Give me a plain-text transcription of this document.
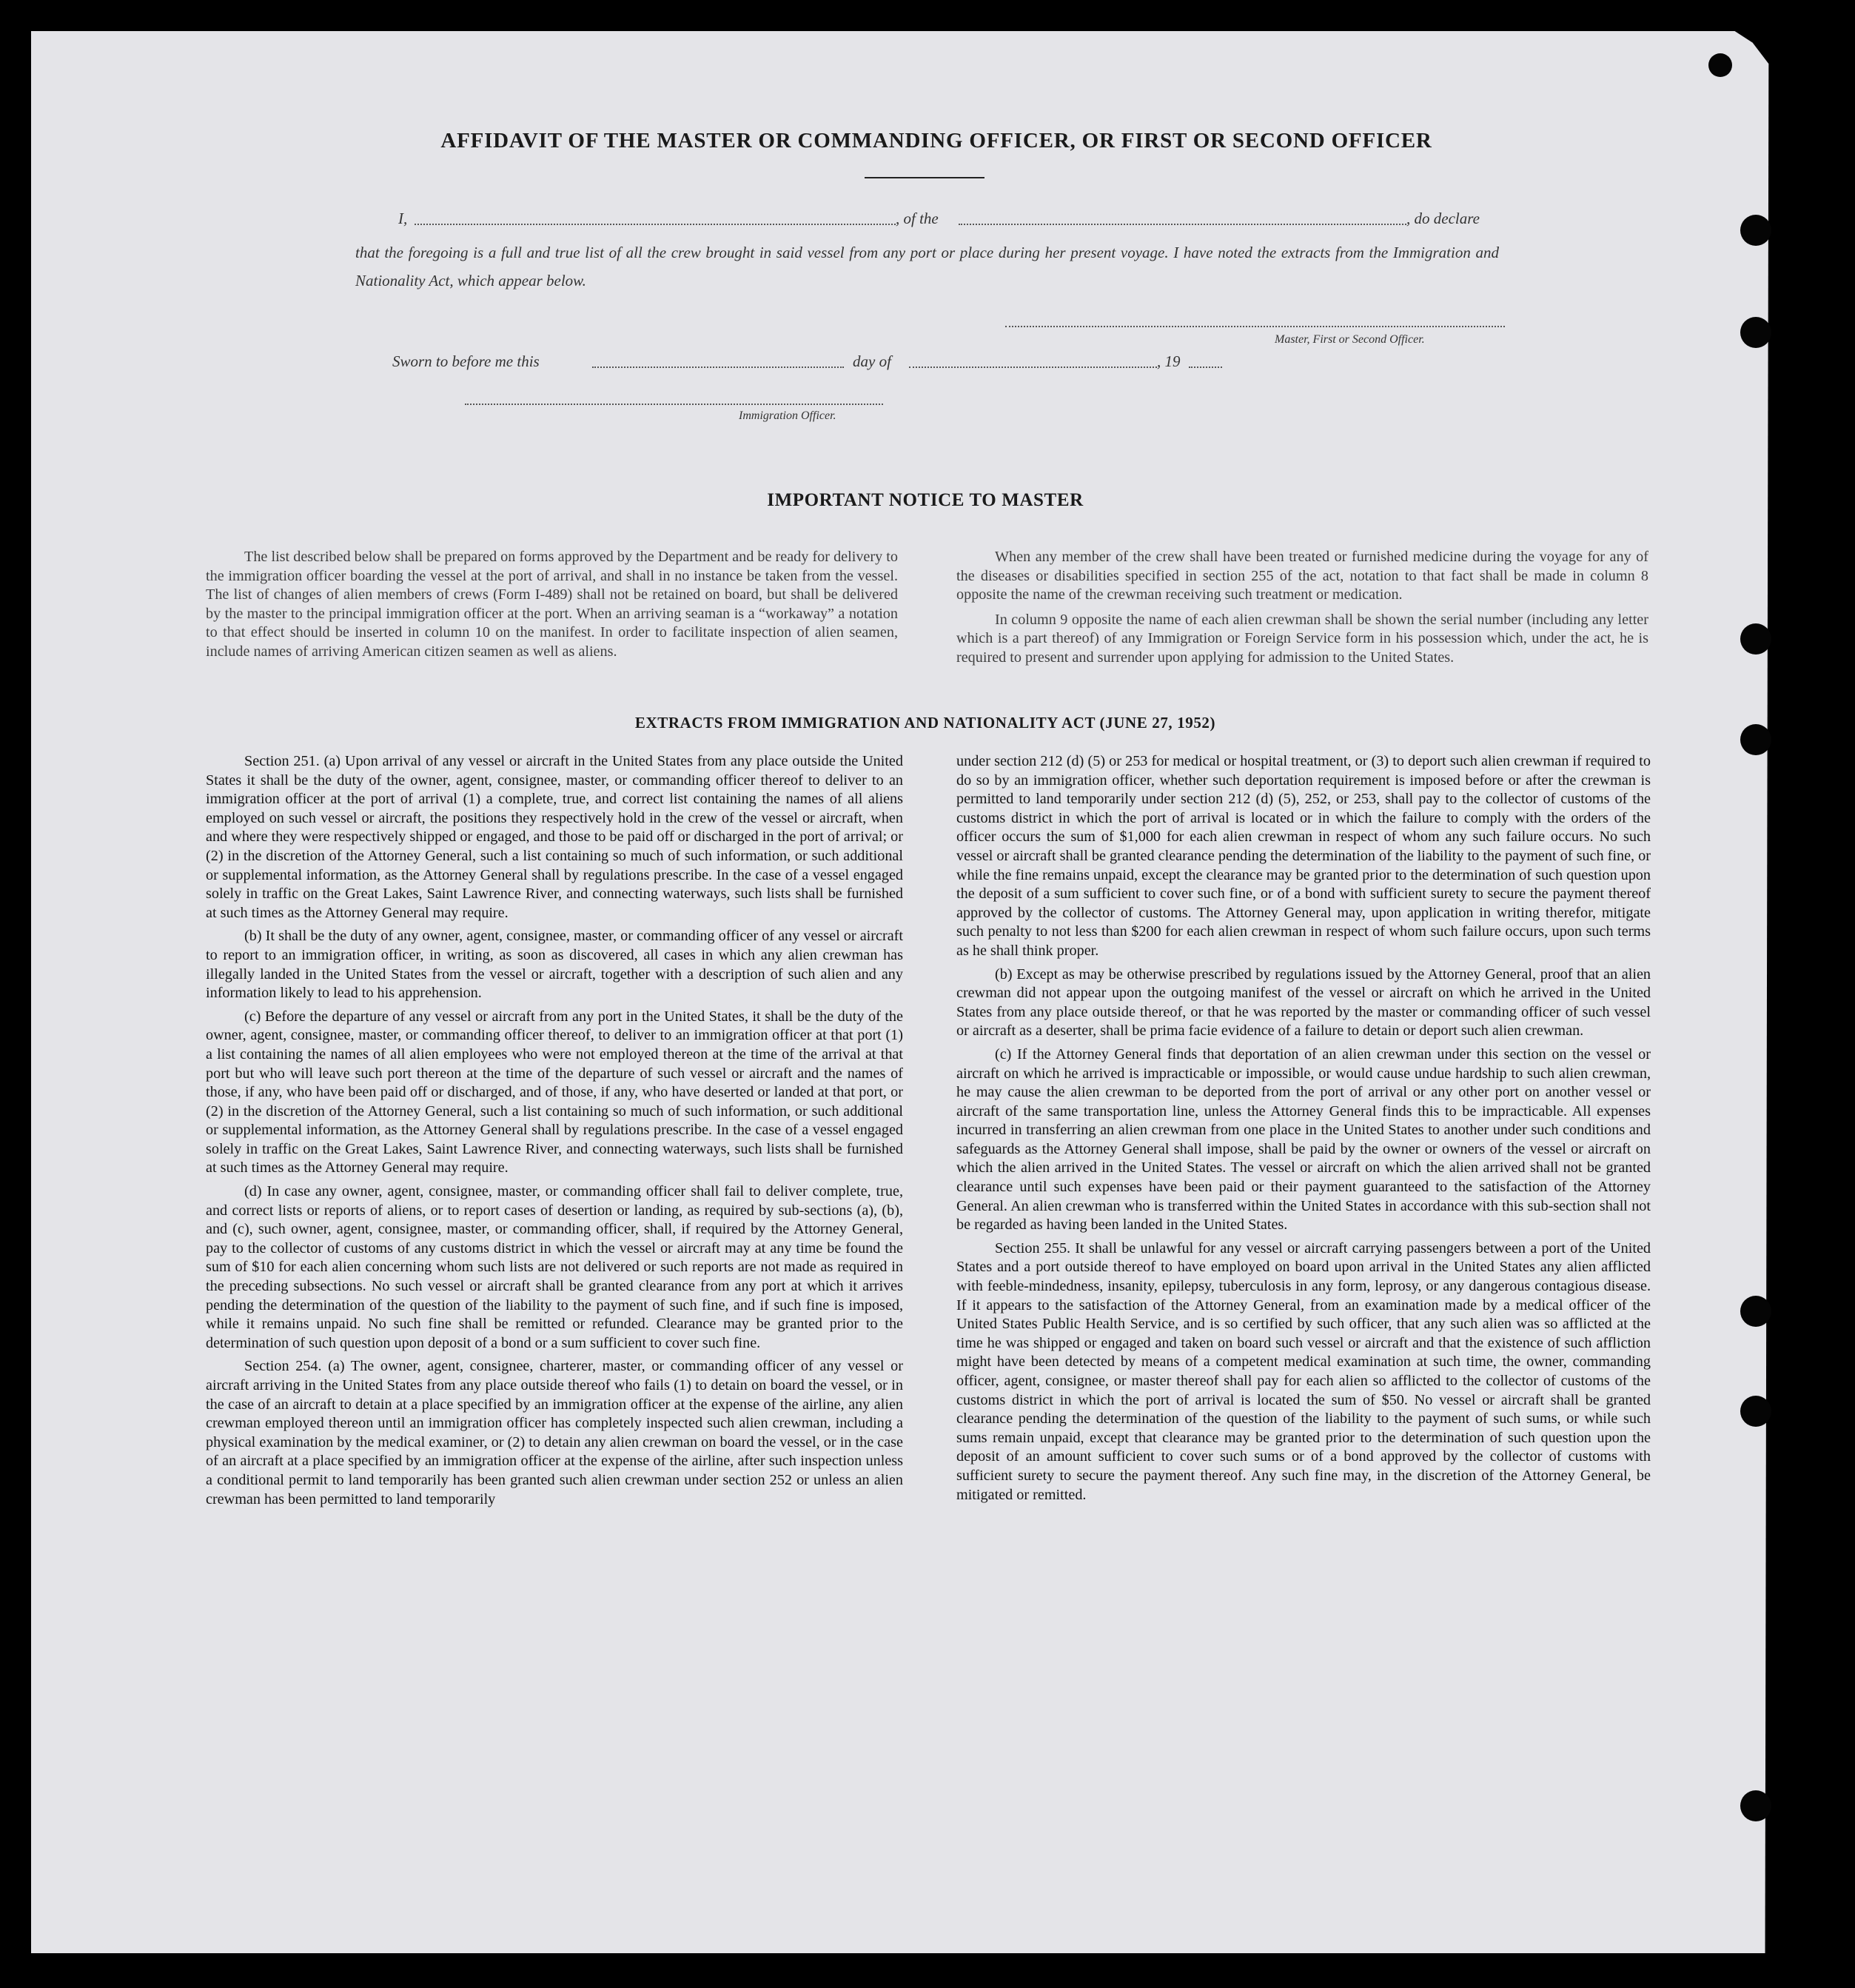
AFFIDAVIT OF THE MASTER OR COMMANDING OFFICER, OR FIRST OR SECOND OFFICER
I,	, of the	, do declare
that the foregoing is a full and true list of all the crew brought in said vessel from any port or place during her present voyage. I have noted the extracts from the Immigration and Nationality Act, which appear below.
Master, First or Second Officer.
Sworn to before me this	day of	, 19
Immigration Officer.
IMPORTANT NOTICE TO MASTER

The list described below shall be prepared on forms approved by the Department and be ready for delivery to the immigration officer boarding the vessel at the port of arrival, and shall in no instance be taken from the vessel. The list of changes of alien members of crews (Form I-489) shall not be retained on board, but shall be delivered by the master to the principal immigration officer at the port. When an arriving seaman is a “workaway” a notation to that effect should be inserted in column 10 on the manifest. In order to facilitate inspection of alien seamen, include names of arriving American citizen seamen as well as aliens.

When any member of the crew shall have been treated or furnished medicine during the voyage for any of the diseases or disabilities specified in section 255 of the act, notation to that fact shall be made in column 8 opposite the name of the crewman receiving such treatment or medication.

In column 9 opposite the name of each alien crewman shall be shown the serial number (including any letter which is a part thereof) of any Immigration or Foreign Service form in his possession which, under the act, he is required to present and surrender upon applying for admission to the United States.

EXTRACTS FROM IMMIGRATION AND NATIONALITY ACT (JUNE 27, 1952)

Section 251. (a) Upon arrival of any vessel or aircraft in the United States from any place outside the United States it shall be the duty of the owner, agent, consignee, master, or commanding officer thereof to deliver to an immigration officer at the port of arrival (1) a complete, true, and correct list containing the names of all aliens employed on such vessel or aircraft, the positions they respectively hold in the crew of the vessel or aircraft, when and where they were respectively shipped or engaged, and those to be paid off or discharged in the port of arrival; or (2) in the discretion of the Attorney General, such a list containing so much of such information, or such additional or supplemental information, as the Attorney General shall by regulations prescribe. In the case of a vessel engaged solely in traffic on the Great Lakes, Saint Lawrence River, and connecting waterways, such lists shall be furnished at such times as the Attorney General may require.

(b) It shall be the duty of any owner, agent, consignee, master, or commanding officer of any vessel or aircraft to report to an immigration officer, in writing, as soon as discovered, all cases in which any alien crewman has illegally landed in the United States from the vessel or aircraft, together with a description of such alien and any information likely to lead to his apprehension.

(c) Before the departure of any vessel or aircraft from any port in the United States, it shall be the duty of the owner, agent, consignee, master, or commanding officer thereof, to deliver to an immigration officer at that port (1) a list containing the names of all alien employees who were not employed thereon at the time of the arrival at that port but who will leave such port thereon at the time of the departure of such vessel or aircraft and the names of those, if any, who have been paid off or discharged, and of those, if any, who have deserted or landed at that port, or (2) in the discretion of the Attorney General, such a list containing so much of such information, or such additional or supplemental information, as the Attorney General shall by regulations prescribe. In the case of a vessel engaged solely in traffic on the Great Lakes, Saint Lawrence River, and connecting waterways, such lists shall be furnished at such times as the Attorney General may require.

(d) In case any owner, agent, consignee, master, or commanding officer shall fail to deliver complete, true, and correct lists or reports of aliens, or to report cases of desertion or landing, as required by sub-sections (a), (b), and (c), such owner, agent, consignee, master, or commanding officer, shall, if required by the Attorney General, pay to the collector of customs of any customs district in which the vessel or aircraft may at any time be found the sum of $10 for each alien concerning whom such lists are not delivered or such reports are not made as required in the preceding subsections. No such vessel or aircraft shall be granted clearance from any port at which it arrives pending the determination of the question of the liability to the payment of such fine, and if such fine is imposed, while it remains unpaid. No such fine shall be remitted or refunded. Clearance may be granted prior to the determination of such question upon deposit of a bond or a sum sufficient to cover such fine.

Section 254. (a) The owner, agent, consignee, charterer, master, or commanding officer of any vessel or aircraft arriving in the United States from any place outside thereof who fails (1) to detain on board the vessel, or in the case of an aircraft to detain at a place specified by an immigration officer at the expense of the airline, any alien crewman employed thereon until an immigration officer has completely inspected such alien crewman, including a physical examination by the medical examiner, or (2) to detain any alien crewman on board the vessel, or in the case of an aircraft at a place specified by an immigration officer at the expense of the airline, after such inspection unless a conditional permit to land temporarily has been granted such alien crewman under section 252 or unless an alien crewman has been permitted to land temporarily

under section 212 (d) (5) or 253 for medical or hospital treatment, or (3) to deport such alien crewman if required to do so by an immigration officer, whether such deportation requirement is imposed before or after the crewman is permitted to land temporarily under section 212 (d) (5), 252, or 253, shall pay to the collector of customs of the customs district in which the port of arrival is located or in which the failure to comply with the orders of the officer occurs the sum of $1,000 for each alien crewman in respect of whom any such failure occurs. No such vessel or aircraft shall be granted clearance pending the determination of the liability to the payment of such fine, or while the fine remains unpaid, except the clearance may be granted prior to the determination of such question upon the deposit of a sum sufficient to cover such fine, or of a bond with sufficient surety to secure the payment thereof approved by the collector of customs. The Attorney General may, upon application in writing therefor, mitigate such penalty to not less than $200 for each alien crewman in respect of whom such failure occurs, upon such terms as he shall think proper.

(b) Except as may be otherwise prescribed by regulations issued by the Attorney General, proof that an alien crewman did not appear upon the outgoing manifest of the vessel or aircraft on which he arrived in the United States from any place outside thereof, or that he was reported by the master or commanding officer of such vessel or aircraft as a deserter, shall be prima facie evidence of a failure to detain or deport such alien crewman.

(c) If the Attorney General finds that deportation of an alien crewman under this section on the vessel or aircraft on which he arrived is impracticable or impossible, or would cause undue hardship to such alien crewman, he may cause the alien crewman to be deported from the port of arrival or any other port on another vessel or aircraft of the same transportation line, unless the Attorney General finds this to be impracticable. All expenses incurred in transferring an alien crewman from one place in the United States to another under such conditions and safeguards as the Attorney General shall impose, shall be paid by the owner or owners of the vessel or aircraft on which the alien arrived in the United States. The vessel or aircraft on which the alien arrived shall not be granted clearance until such expenses have been paid or their payment guaranteed to the satisfaction of the Attorney General. An alien crewman who is transferred within the United States in accordance with this sub-section shall not be regarded as having been landed in the United States.

Section 255. It shall be unlawful for any vessel or aircraft carrying passengers between a port of the United States and a port outside thereof to have employed on board upon arrival in the United States any alien afflicted with feeble-mindedness, insanity, epilepsy, tuberculosis in any form, leprosy, or any dangerous contagious disease. If it appears to the satisfaction of the Attorney General, from an examination made by a medical officer of the United States Public Health Service, and is so certified by such officer, that any such alien was so afflicted at the time he was shipped or engaged and taken on board such vessel or aircraft and that the existence of such affliction might have been detected by means of a competent medical examination at such time, the owner, commanding officer, agent, consignee, or master thereof shall pay for each alien so afflicted to the collector of customs of the customs district in which the port of arrival is located the sum of $50. No vessel or aircraft shall be granted clearance pending the determination of the question of the liability to the payment of such sums, or while such sums remain unpaid, except that clearance may be granted prior to the determination of such question upon the deposit of an amount sufficient to cover such sums or of a bond approved by the collector of customs with sufficient surety to secure the payment thereof. Any such fine may, in the discretion of the Attorney General, be mitigated or remitted.
